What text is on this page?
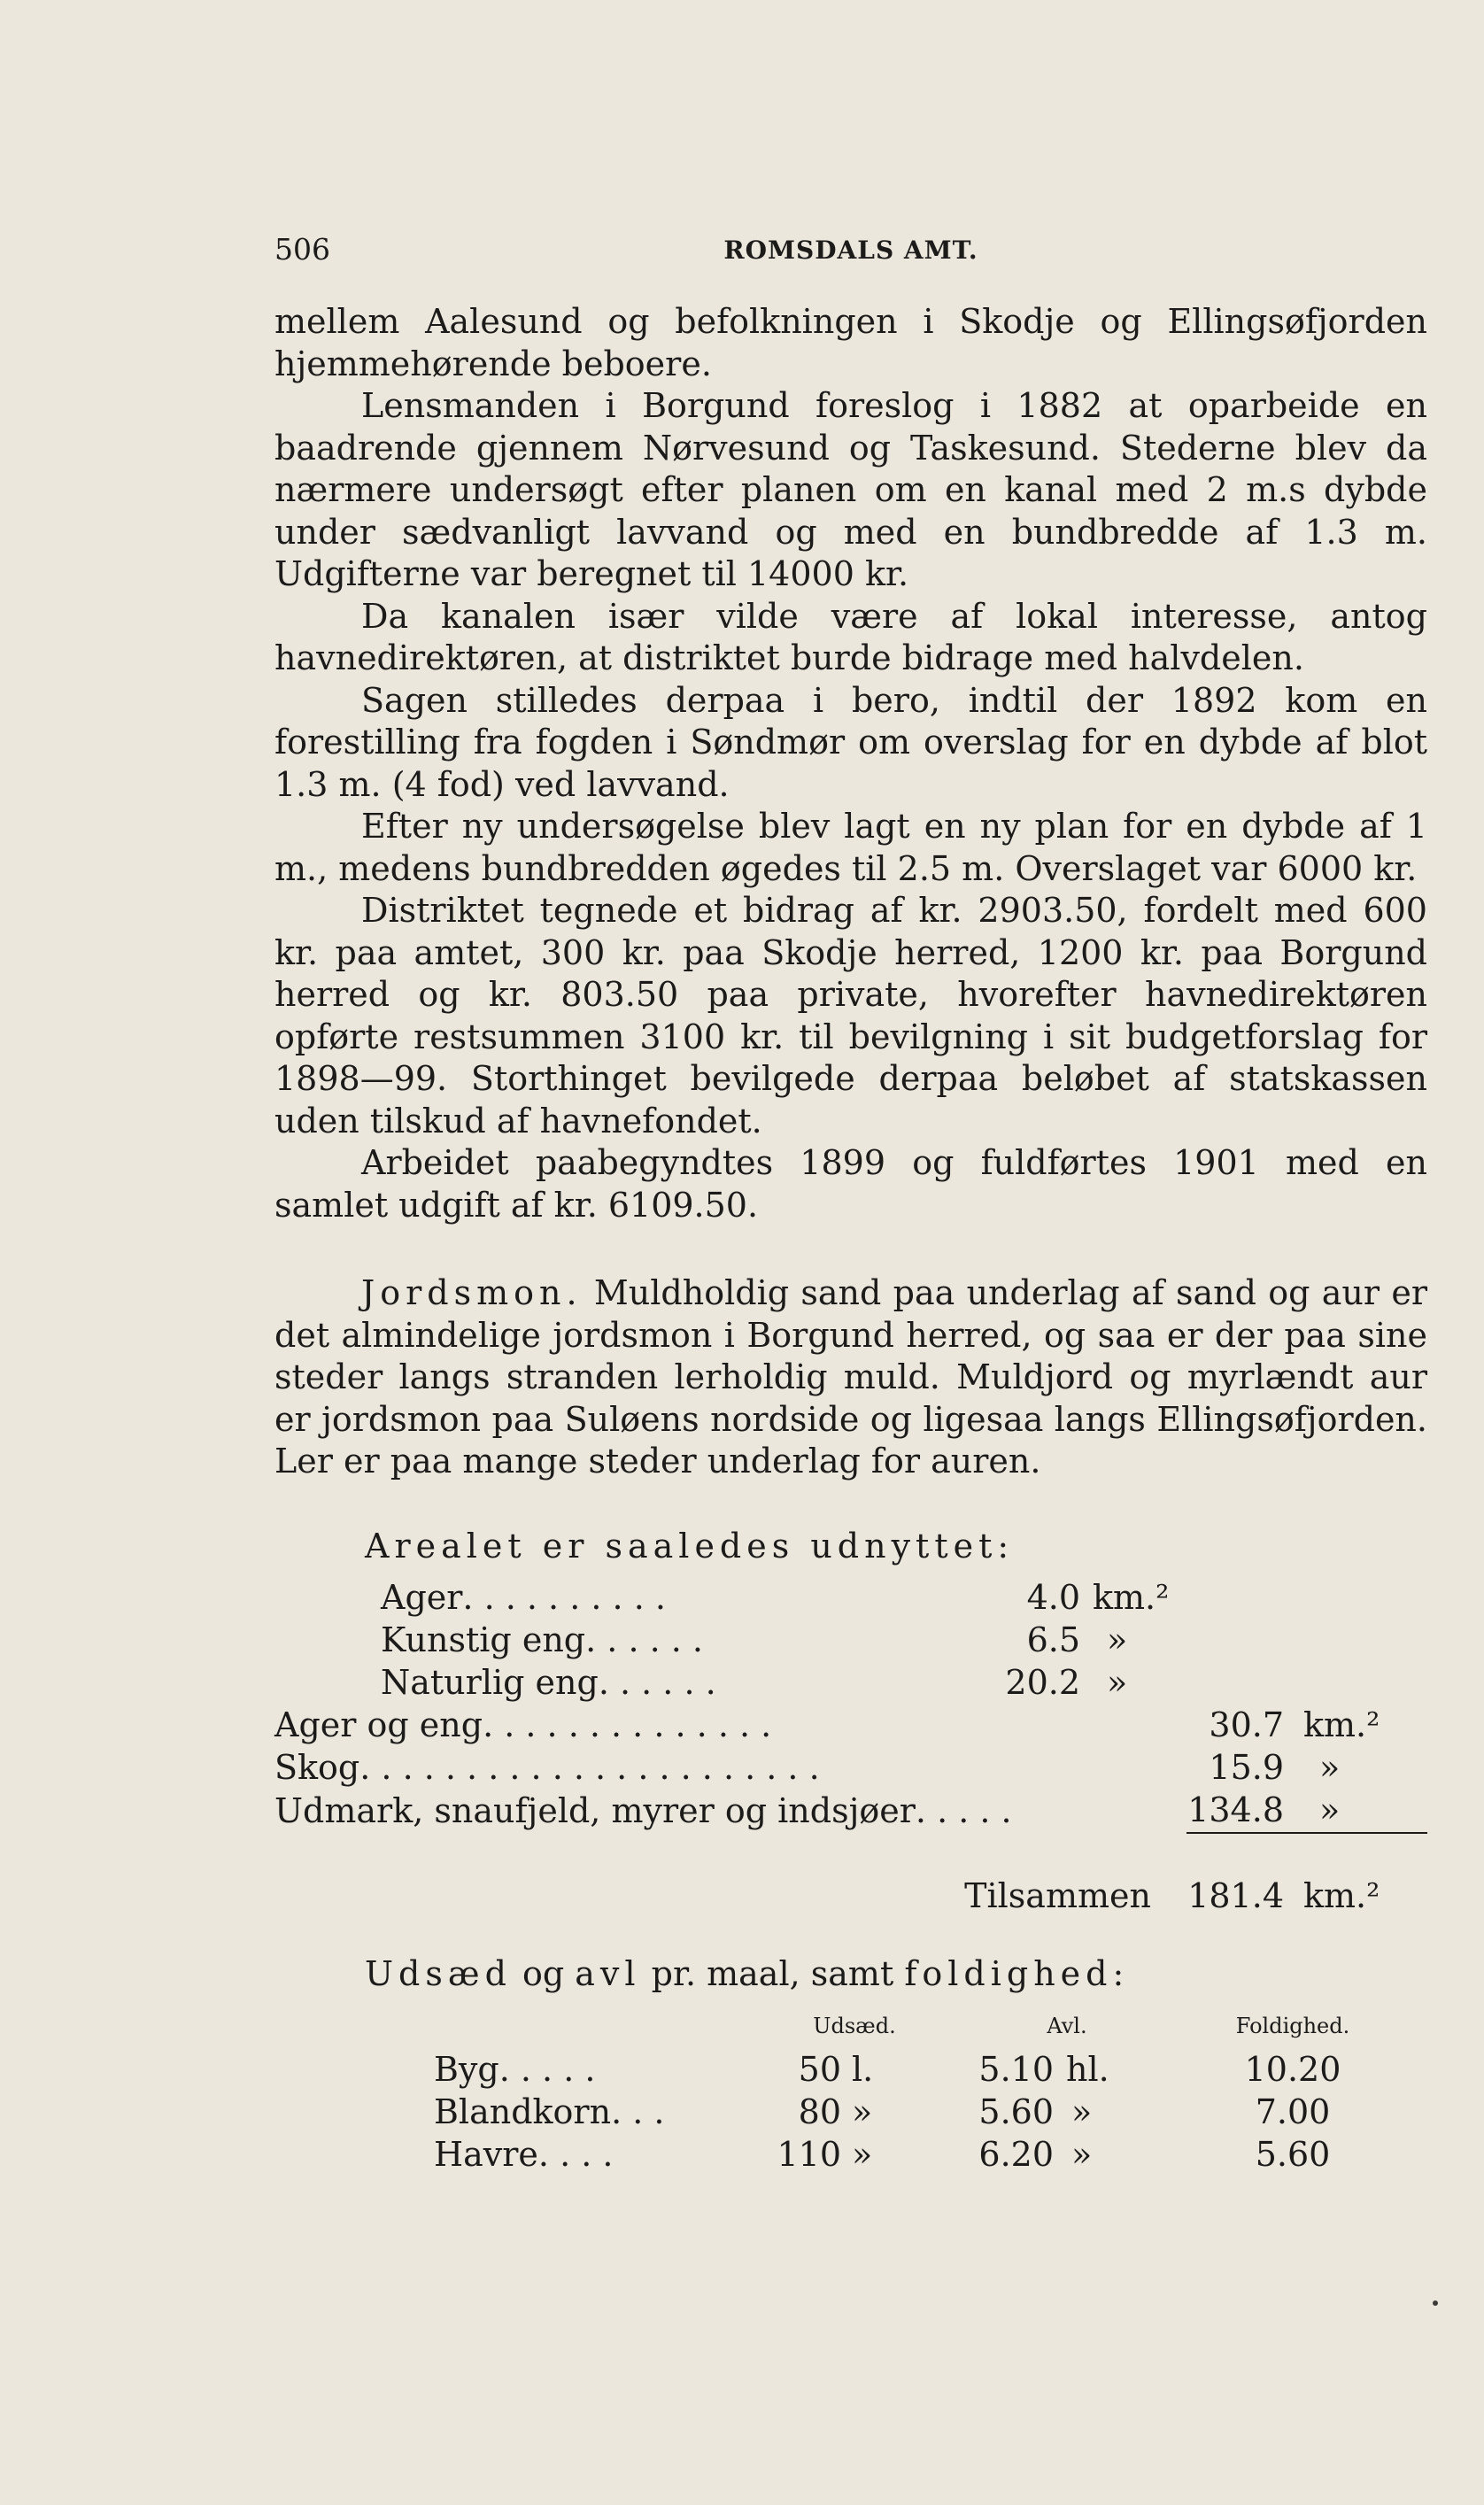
506	ROMSDALS AMT.

mellem Aalesund og befolkningen i Skodje og Ellingsøfjorden hjemmehørende beboere.

Lensmanden i Borgund foreslog i 1882 at oparbeide en baadrende gjennem Nørvesund og Taskesund. Stederne blev da nærmere undersøgt efter planen om en kanal med 2 m.s dybde under sædvanligt lavvand og med en bundbredde af 1.3 m. Udgifterne var beregnet til 14000 kr.

Da kanalen især vilde være af lokal interesse, antog havnedirektøren, at distriktet burde bidrage med halvdelen.

Sagen stilledes derpaa i bero, indtil der 1892 kom en forestilling fra fogden i Søndmør om overslag for en dybde af blot 1.3 m. (4 fod) ved lavvand.

Efter ny undersøgelse blev lagt en ny plan for en dybde af 1 m., medens bundbredden øgedes til 2.5 m. Overslaget var 6000 kr.

Distriktet tegnede et bidrag af kr. 2903.50, fordelt med 600 kr. paa amtet, 300 kr. paa Skodje herred, 1200 kr. paa Borgund herred og kr. 803.50 paa private, hvorefter havnedirektøren opførte restsummen 3100 kr. til bevilgning i sit budgetforslag for 1898—99. Storthinget bevilgede derpaa beløbet af statskassen uden tilskud af havnefondet.

Arbeidet paabegyndtes 1899 og fuldførtes 1901 med en samlet udgift af kr. 6109.50.

Jordsmon. Muldholdig sand paa underlag af sand og aur er det almindelige jordsmon i Borgund herred, og saa er der paa sine steder langs stranden lerholdig muld. Muldjord og myrlændt aur er jordsmon paa Suløens nordside og ligesaa langs Ellingsøfjorden. Ler er paa mange steder underlag for auren.

Arealet er saaledes udnyttet:
	Ager. . . . . . . . . .	4.0	km.²		
	Kunstig eng. . . . . .	6.5	»		
	Naturlig eng. . . . . .	20.2	»		
Ager og eng. . . . . . . . . . . . . .				30.7	km.²
Skog. . . . . . . . . . . . . . . . . . . . . .				15.9	»
Udmark, snaufjeld, myrer og indsjøer. . . . .				134.8	»

Tilsammen				181.4	km.²
Udsæd og avl pr. maal, samt foldighed:
	Udsæd.		Avl.		Foldighed.
Byg. . . . .	50	l.	5.10	hl.	10.20
Blandkorn. . .	80	»	5.60	»	7.00
Havre. . . .	110	»	6.20	»	5.60
